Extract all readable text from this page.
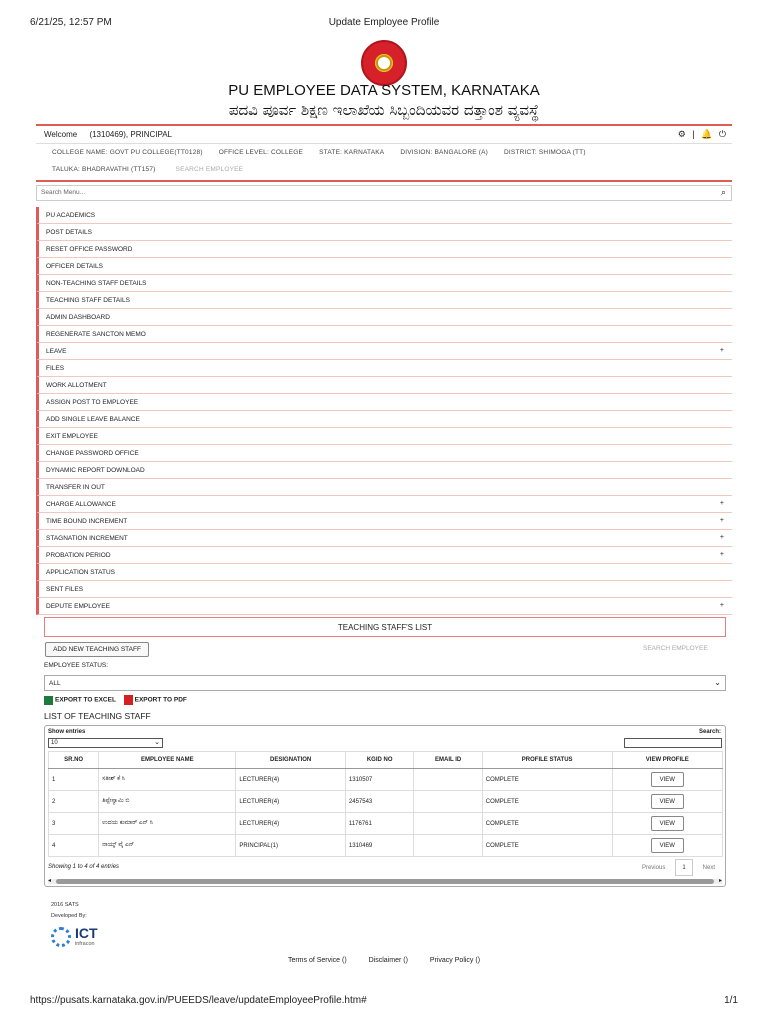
6/21/25, 12:57 PM	Update Employee Profile
PU EMPLOYEE DATA SYSTEM, KARNATAKA
ಪದವಿ ಪೂರ್ವ ಶಿಕ್ಷಣ ಇಲಾಖೆಯ ಸಿಬ್ಬಂದಿಯವರ ದತ್ತಾಂಶ ವ್ಯವಸ್ಥೆ
Welcome (1310469), PRINCIPAL	⚙ | 🔔 ⏻
COLLEGE NAME: GOVT PU COLLEGE(TT0128) OFFICE LEVEL: COLLEGE STATE: KARNATAKA DIVISION: BANGALORE (A) DISTRICT: SHIMOGA (TT)
TALUKA: BHADRAVATHI (TT157)	SEARCH EMPLOYEE
Search Menu...	⌕
PU ACADEMICS
POST DETAILS
RESET OFFICE PASSWORD
OFFICER DETAILS
NON-TEACHING STAFF DETAILS
TEACHING STAFF DETAILS
ADMIN DASHBOARD
REGENERATE SANCTON MEMO
LEAVE	+
FILES
WORK ALLOTMENT
ASSIGN POST TO EMPLOYEE
ADD SINGLE LEAVE BALANCE
EXIT EMPLOYEE
CHANGE PASSWORD OFFICE
DYNAMIC REPORT DOWNLOAD
TRANSFER IN OUT
CHARGE ALLOWANCE	+
TIME BOUND INCREMENT	+
STAGNATION INCREMENT	+
PROBATION PERIOD	+
APPLICATION STATUS
SENT FILES
DEPUTE EMPLOYEE	+
TEACHING STAFF'S LIST
ADD NEW TEACHING STAFF	SEARCH EMPLOYEE
EMPLOYEE STATUS:
ALL	⌄
EXPORT TO EXCEL	EXPORT TO PDF
LIST OF TEACHING STAFF
Show entries
10	⌄
Search:
SR.NO	EMPLOYEE NAME	DESIGNATION	KGID NO	EMAIL ID	PROFILE STATUS	VIEW PROFILE
1	ಸತೀಶ್ ಕೆ ಸಿ	LECTURER(4)	1310507		COMPLETE	VIEW
2	ತಿಪ್ಪೇಸ್ವಾಮಿ ಬಿ	LECTURER(4)	2457543		COMPLETE	VIEW
3	ಉದಯ ಕುಮಾರ್ ಎನ್ ಸಿ	LECTURER(4)	1176761		COMPLETE	VIEW
4	ನಾಯ್ಕ್ ವೈ ಎನ್	PRINCIPAL(1)	1310469		COMPLETE	VIEW
Showing 1 to 4 of 4 entries	Previous	1	Next
◂	▸
2016 SATS
Developed By:
ICT
infracon
Terms of Service ()	Disclaimer ()	Privacy Policy ()
https://pusats.karnataka.gov.in/PUEEDS/leave/updateEmployeeProfile.htm#	1/1
